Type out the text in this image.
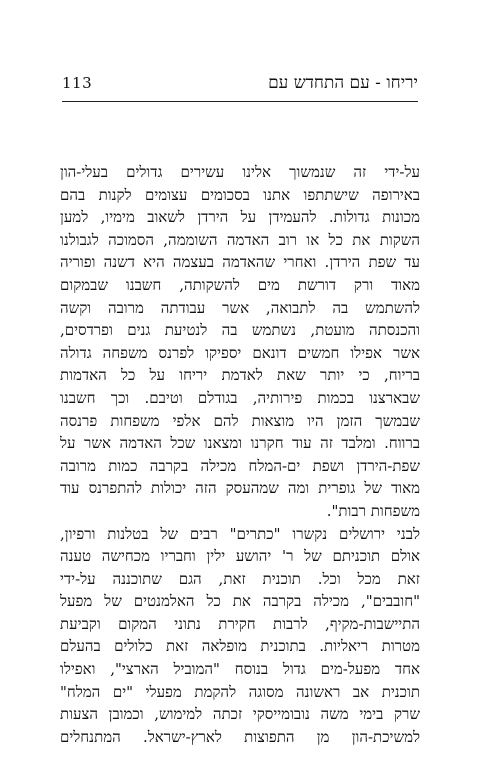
113	יריחו - עם התחדש עם
על-ידי זה שנמשוך אלינו עשירים גדולים בעלי-הון
באירופה שישתתפו אתנו בסכומים עצומים לקנות בהם
מכונות גדולות. להעמידן על הירדן לשאוב מימיו, למען
השקות את כל או רוב האדמה השוממה, הסמוכה לגבולנו
עד שפת הירדן. ואחרי שהאדמה בעצמה היא דשנה ופוריה
מאוד ורק דורשת מים להשקותה, חשבנו שבמקום
להשתמש בה לתבואה, אשר עבודתה מרובה וקשה
והכנסתה מועטת, נשתמש בה לנטיעת גנים ופרדסים,
אשר אפילו חמשים דונאם יספיקו לפרנס משפחה גדולה
בריוח, כי יותר שאת לאדמת יריחו על כל האדמות
שבארצנו בכמות פירותיה, בגודלם וטיבם. וכך חשבנו
שבמשך הזמן היו מוצאות להם אלפי משפחות פרנסה
ברווח. ומלבד זה עוד חקרנו ומצאנו שכל האדמה אשר על
שפת-הירדן ושפת ים-המלח מכילה בקרבה כמות מרובה
מאוד של גופרית ומה שמהעסק הזה יכולות להתפרנס עוד
משפחות רבות".
לבני ירושלים נקשרו "כתרים" רבים של בטלנות ורפיון,
אולם תוכניתם של ר' יהושע ילין וחבריו מכחישה טענה
זאת מכל וכל. תוכנית זאת, הגם שתוכננה על-ידי
"חובבים", מכילה בקרבה את כל האלמנטים של מפעל
התיישבות-מקיף, לרבות חקירת נתוני המקום וקביעת
מטרות ריאליות. בתוכנית מופלאה זאת כלולים בהעלם
אחד מפעל-מים גדול בנוסח "המוביל הארצי", ואפילו
תוכנית אב ראשונה מסוגה להקמת מפעלי "ים המלח"
שרק בימי משה נובומייסקי זכתה למימוש, וכמובן הצעות
למשיכת-הון מן התפוצות לארץ-ישראל. המתנחלים
